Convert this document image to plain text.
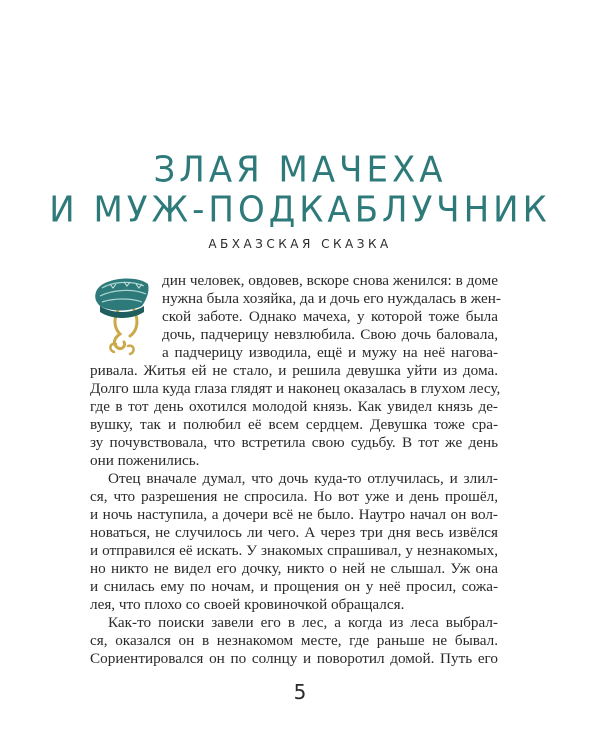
ЗЛАЯ МАЧЕХА
И МУЖ-ПОДКАБЛУЧНИК
АБХАЗСКАЯ СКАЗКА
дин человек, овдовев, вскоре снова женился: в доме
нужна была хозяйка, да и дочь его нуждалась в жен-
ской заботе. Однако мачеха, у которой тоже была
дочь, падчерицу невзлюбила. Свою дочь баловала,
а падчерицу изводила, ещё и мужу на неё нагова-
ривала. Житья ей не стало, и решила девушка уйти из дома.
Долго шла куда глаза глядят и наконец оказалась в глухом лесу,
где в тот день охотился молодой князь. Как увидел князь де-
вушку, так и полюбил её всем сердцем. Девушка тоже сра-
зу почувствовала, что встретила свою судьбу. В тот же день
они поженились.
Отец вначале думал, что дочь куда-то отлучилась, и злил-
ся, что разрешения не спросила. Но вот уже и день прошёл,
и ночь наступила, а дочери всё не было. Наутро начал он вол-
новаться, не случилось ли чего. А через три дня весь извёлся
и отправился её искать. У знакомых спрашивал, у незнакомых,
но никто не видел его дочку, никто о ней не слышал. Уж она
и снилась ему по ночам, и прощения он у неё просил, сожа-
лея, что плохо со своей кровиночкой обращался.
Как-то поиски завели его в лес, а когда из леса выбрал-
ся, оказался он в незнакомом месте, где раньше не бывал.
Сориентировался он по солнцу и поворотил домой. Путь его
5
